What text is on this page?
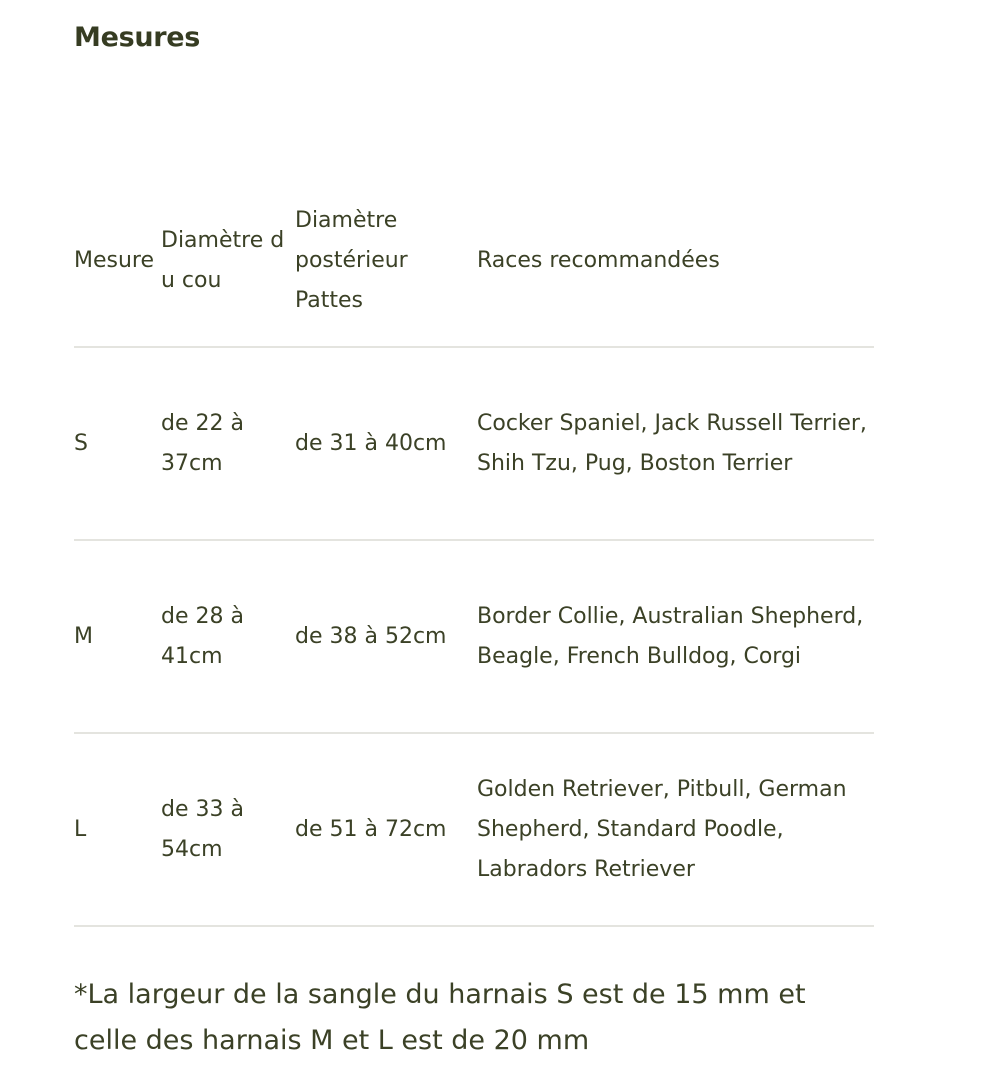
Mesures
Mesure	Diamètre du cou	Diamètre postérieur Pattes	Races recommandées
S	de 22 à 37cm	de 31 à 40cm	Cocker Spaniel, Jack Russell Terrier, Shih Tzu, Pug, Boston Terrier
M	de 28 à 41cm	de 38 à 52cm	Border Collie, Australian Shepherd, Beagle, French Bulldog, Corgi
L	de 33 à 54cm	de 51 à 72cm	Golden Retriever, Pitbull, German Shepherd, Standard Poodle, Labradors Retriever

*La largeur de la sangle du harnais S est de 15 mm et celle des harnais M et L est de 20 mm
